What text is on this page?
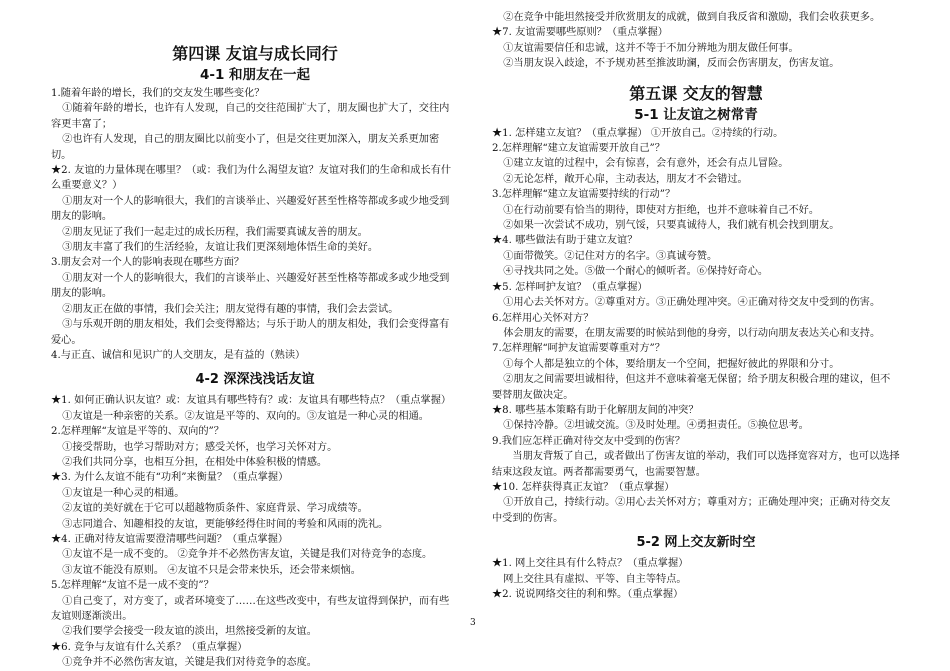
第四课 友谊与成长同行
4-1 和朋友在一起

1.随着年龄的增长，我们的交友发生哪些变化？

①随着年龄的增长，也许有人发现，自己的交往范围扩大了，朋友圈也扩大了，交往内容更丰富了；

②也许有人发现，自己的朋友圈比以前变小了，但是交往更加深入，朋友关系更加密切。

★2. 友谊的力量体现在哪里？（或：我们为什么渴望友谊？友谊对我们的生命和成长有什么重要意义？）

①朋友对一个人的影响很大，我们的言谈举止、兴趣爱好甚至性格等都或多或少地受到朋友的影响。

②朋友见证了我们一起走过的成长历程，我们需要真诚友善的朋友。

③朋友丰富了我们的生活经验，友谊让我们更深刻地体悟生命的美好。

3.朋友会对一个人的影响表现在哪些方面？

①朋友对一个人的影响很大，我们的言谈举止、兴趣爱好甚至性格等都或多或少地受到朋友的影响。

②朋友正在做的事情，我们会关注；朋友觉得有趣的事情，我们会去尝试。

③与乐观开朗的朋友相处，我们会变得豁达；与乐于助人的朋友相处，我们会变得富有爱心。

4.与正直、诚信和见识广的人交朋友，是有益的（熟读）

4-2 深深浅浅话友谊

★1. 如何正确认识友谊？或：友谊具有哪些特有？或：友谊具有哪些特点？（重点掌握）

①友谊是一种亲密的关系。②友谊是平等的、双向的。③友谊是一种心灵的相通。

2.怎样理解“友谊是平等的、双向的”？

①接受帮助，也学习帮助对方；感受关怀，也学习关怀对方。

②我们共同分享，也相互分担，在相处中体验积极的情感。

★3. 为什么友谊不能有“功利”来衡量？（重点掌握）

①友谊是一种心灵的相通。

②友谊的美好就在于它可以超越物质条件、家庭背景、学习成绩等。

③志同道合、知趣相投的友谊，更能够经得住时间的考验和风雨的洗礼。

★4. 正确对待友谊需要澄清哪些问题？（重点掌握）

①友谊不是一成不变的。 ②竞争并不必然伤害友谊，关键是我们对待竞争的态度。

③友谊不能没有原则。 ④友谊不只是会带来快乐，还会带来烦恼。

5.怎样理解“友谊不是一成不变的”？

①自己变了，对方变了，或者环境变了……在这些改变中，有些友谊得到保护，而有些友谊则逐渐淡出。

②我们要学会接受一段友谊的淡出，坦然接受新的友谊。

★6. 竞争与友谊有什么关系？（重点掌握）

①竞争并不必然伤害友谊，关键是我们对待竞争的态度。

②在竞争中能坦然接受并欣赏朋友的成就，做到自我反省和激励，我们会收获更多。

★7. 友谊需要哪些原则？（重点掌握）

①友谊需要信任和忠诚，这并不等于不加分辨地为朋友做任何事。

②当朋友误入歧途，不予规劝甚至推波助澜，反而会伤害朋友，伤害友谊。

第五课 交友的智慧
5-1 让友谊之树常青

★1. 怎样建立友谊？（重点掌握） ①开放自己。②持续的行动。

2.怎样理解“建立友谊需要开放自己”？

①建立友谊的过程中，会有惊喜，会有意外，还会有点儿冒险。

②无论怎样，敞开心扉，主动表达，朋友才不会错过。

3.怎样理解“建立友谊需要持续的行动”？

①在行动前要有恰当的期待，即使对方拒绝，也并不意味着自己不好。

②如果一次尝试不成功，别气馁，只要真诚待人，我们就有机会找到朋友。

★4. 哪些做法有助于建立友谊？

①面带微笑。②记住对方的名字。③真诚夸赞。

④寻找共同之处。⑤做一个耐心的倾听者。⑥保持好奇心。

★5. 怎样呵护友谊？（重点掌握）

①用心去关怀对方。②尊重对方。③正确处理冲突。④正确对待交友中受到的伤害。

6.怎样用心关怀对方？

体会朋友的需要，在朋友需要的时候站到他的身旁，以行动向朋友表达关心和支持。

7.怎样理解“呵护友谊需要尊重对方”？

①每个人都是独立的个体，要给朋友一个空间，把握好彼此的界限和分寸。

②朋友之间需要坦诚相待，但这并不意味着毫无保留；给予朋友积极合理的建议，但不要替朋友做决定。

★8. 哪些基本策略有助于化解朋友间的冲突？

①保持冷静。②坦诚交流。③及时处理。④勇担责任。⑤换位思考。

9.我们应怎样正确对待交友中受到的伤害？

当朋友背叛了自己，或者做出了伤害友谊的举动，我们可以选择宽容对方，也可以选择结束这段友谊。两者都需要勇气，也需要智慧。

★10. 怎样获得真正友谊？（重点掌握）

①开放自己，持续行动。②用心去关怀对方；尊重对方；正确处理冲突；正确对待交友中受到的伤害。

5-2 网上交友新时空

★1. 网上交往具有什么特点？（重点掌握）

网上交往具有虚拟、平等、自主等特点。

★2. 说说网络交往的利和弊。（重点掌握）

3
